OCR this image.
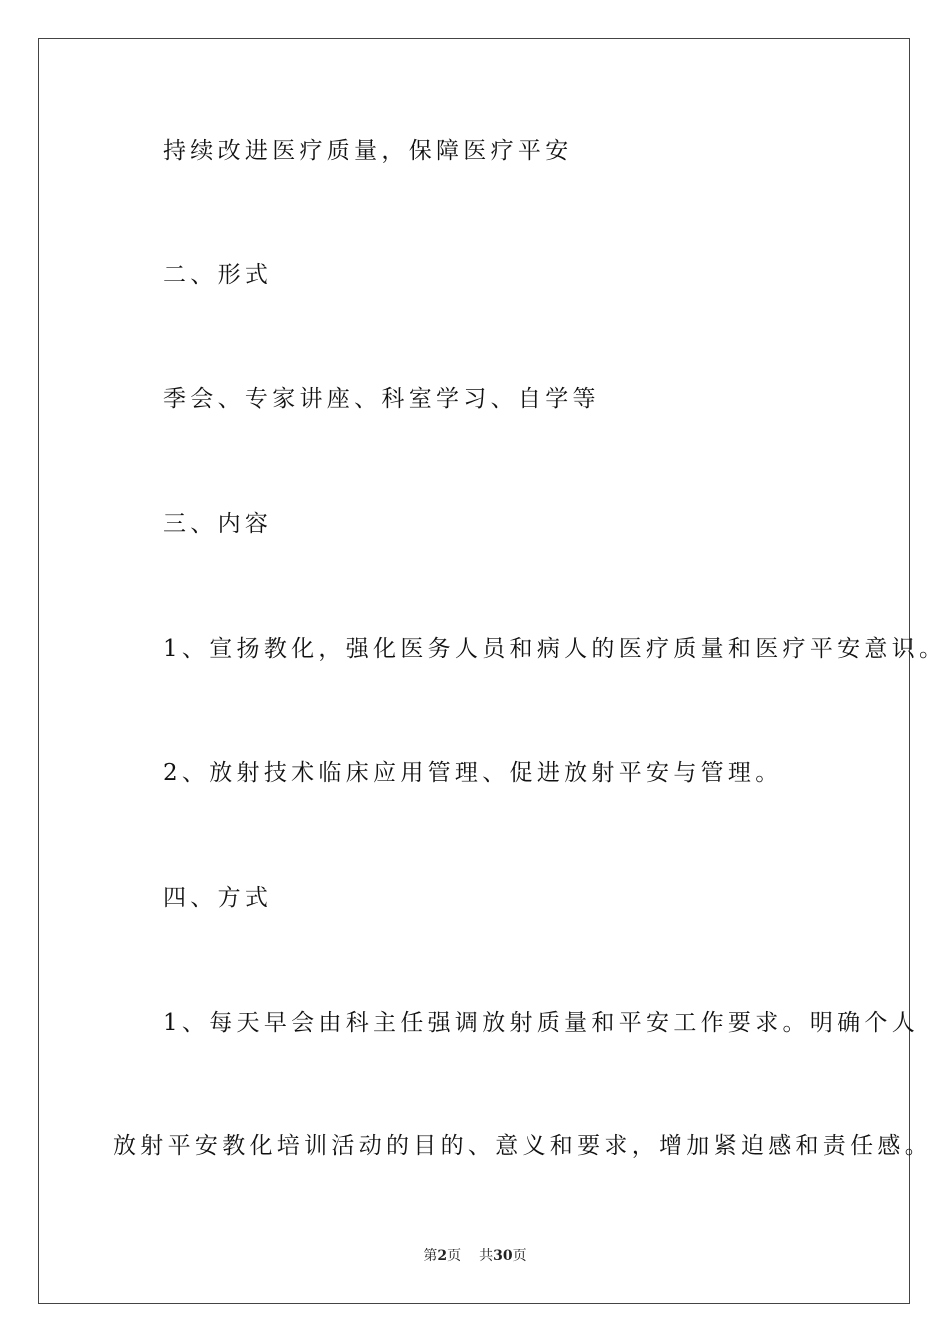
持续改进医疗质量，保障医疗平安
二、形式
季会、专家讲座、科室学习、自学等
三、内容
1、宣扬教化，强化医务人员和病人的医疗质量和医疗平安意识。
2、放射技术临床应用管理、促进放射平安与管理。
四、方式
1、每天早会由科主任强调放射质量和平安工作要求。明确个人
放射平安教化培训活动的目的、意义和要求，增加紧迫感和责任感。
第2页 共30页
